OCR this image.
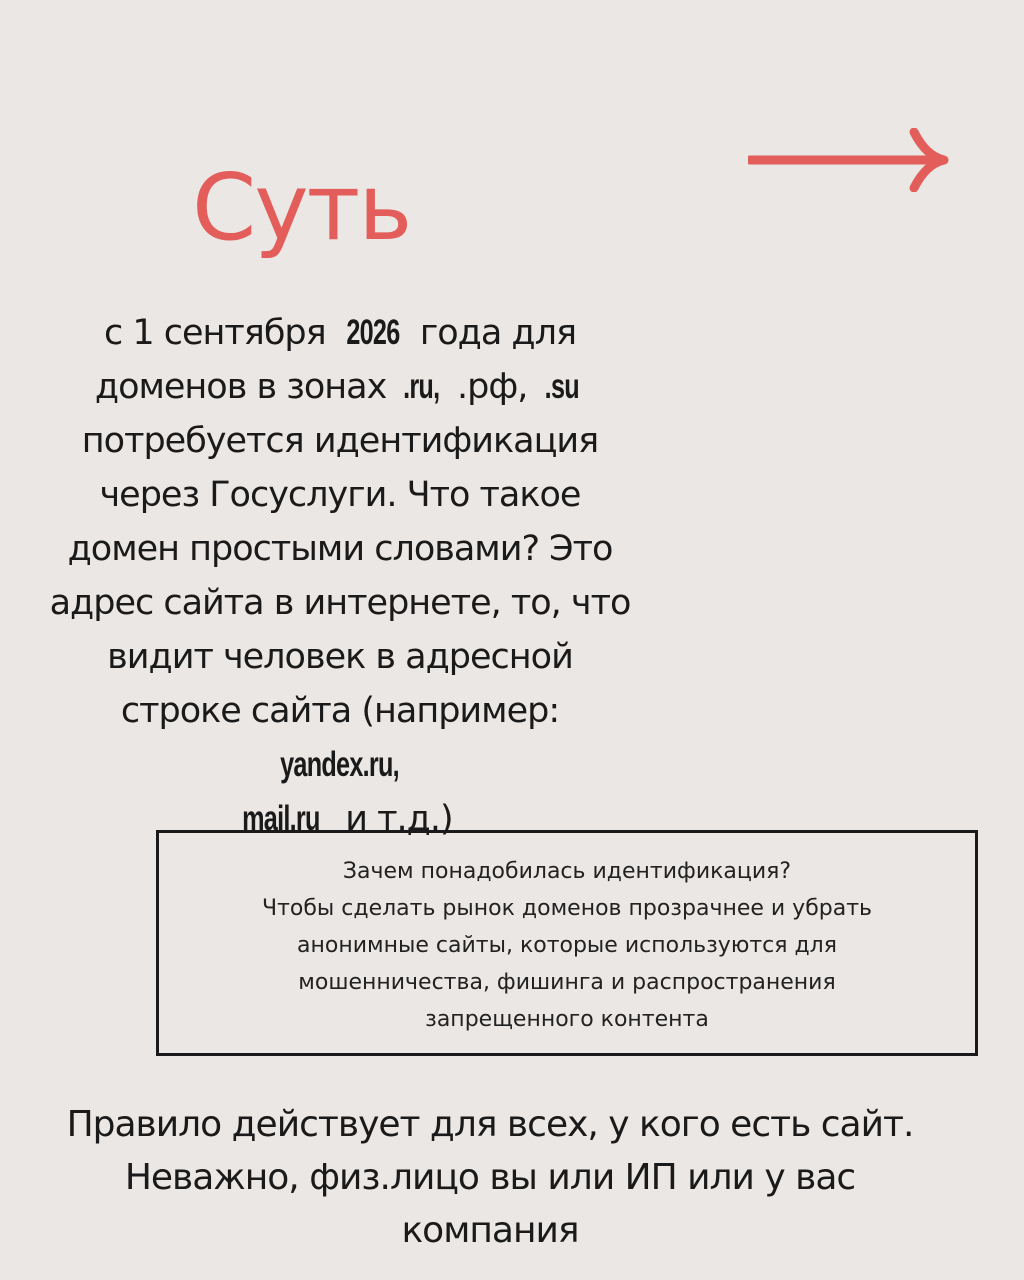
Суть
с 1 сентября 2026 года для
доменов в зонах .ru, .рф, .su
потребуется идентификация
через Госуслуги. Что такое
домен простыми словами? Это
адрес сайта в интернете, то, что
видит человек в адресной
строке сайта (например: yandex.ru,
mail.ru и т.д.)
Зачем понадобилась идентификация?
Чтобы сделать рынок доменов прозрачнее и убрать
анонимные сайты, которые используются для
мошенничества, фишинга и распространения
запрещенного контента
Правило действует для всех, у кого есть сайт.
Неважно, физ.лицо вы или ИП или у вас
компания
